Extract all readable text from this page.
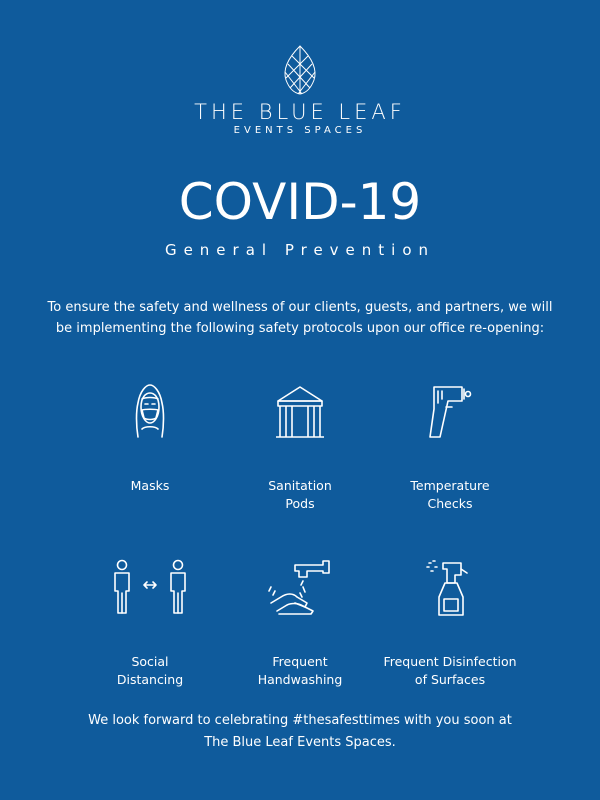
THE BLUE LEAF
EVENTS SPACES
COVID-19
General Prevention
To ensure the safety and wellness of our clients, guests, and partners, we will
be implementing the following safety protocols upon our office re-opening:
Masks	Sanitation
Pods
Temperature
Checks
Social
Distancing
Frequent
Handwashing
Frequent Disinfection
of Surfaces
We look forward to celebrating #thesafesttimes with you soon at
The Blue Leaf Events Spaces.
